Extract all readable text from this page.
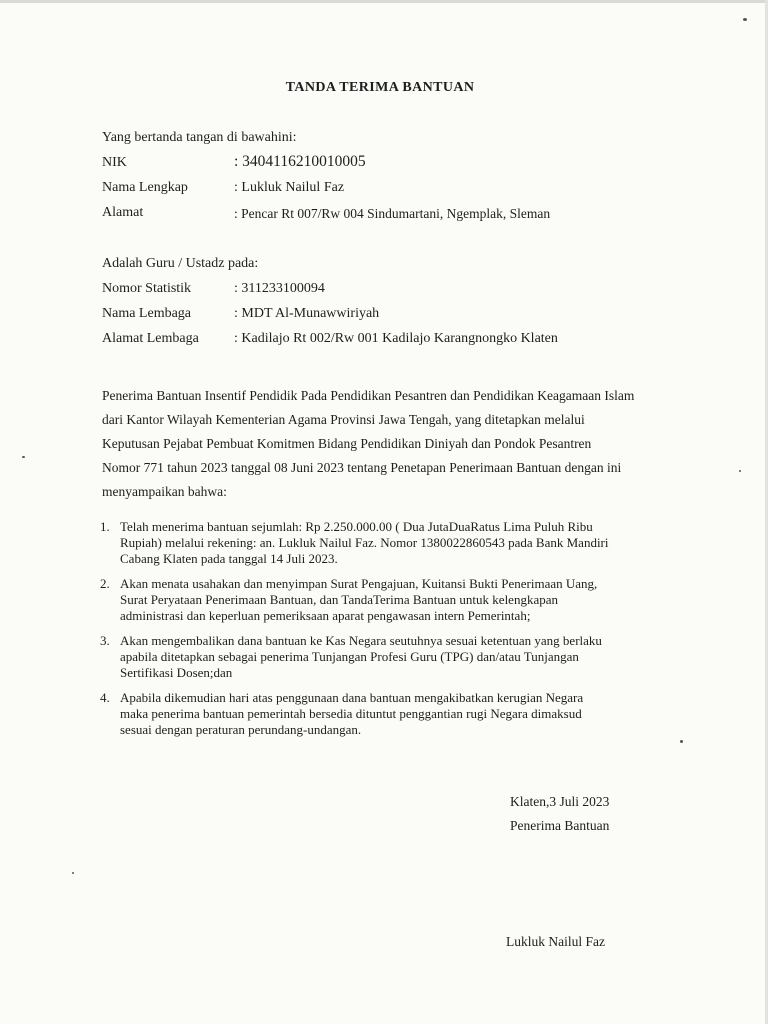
TANDA TERIMA BANTUAN
Yang bertanda tangan di bawahini:
NIK	: 3404116210010005
Nama Lengkap	: Lukluk Nailul Faz
Alamat	: Pencar Rt 007/Rw 004 Sindumartani, Ngemplak, Sleman
Adalah Guru / Ustadz pada:
Nomor Statistik	: 311233100094
Nama Lembaga	: MDT Al-Munawwiriyah
Alamat Lembaga	: Kadilajo Rt 002/Rw 001 Kadilajo Karangnongko Klaten
Penerima Bantuan Insentif Pendidik Pada Pendidikan Pesantren dan Pendidikan Keagamaan Islam
dari Kantor Wilayah Kementerian Agama Provinsi Jawa Tengah, yang ditetapkan melalui
Keputusan Pejabat Pembuat Komitmen Bidang Pendidikan Diniyah dan Pondok Pesantren
Nomor 771 tahun 2023 tanggal 08 Juni 2023 tentang Penetapan Penerimaan Bantuan dengan ini
menyampaikan bahwa:
1. Telah menerima bantuan sejumlah: Rp 2.250.000.00 ( Dua JutaDuaRatus Lima Puluh Ribu
Rupiah) melalui rekening: an. Lukluk Nailul Faz. Nomor 1380022860543 pada Bank Mandiri
Cabang Klaten pada tanggal 14 Juli 2023.
2. Akan menata usahakan dan menyimpan Surat Pengajuan, Kuitansi Bukti Penerimaan Uang,
Surat Peryataan Penerimaan Bantuan, dan TandaTerima Bantuan untuk kelengkapan
administrasi dan keperluan pemeriksaan aparat pengawasan intern Pemerintah;
3. Akan mengembalikan dana bantuan ke Kas Negara seutuhnya sesuai ketentuan yang berlaku
apabila ditetapkan sebagai penerima Tunjangan Profesi Guru (TPG) dan/atau Tunjangan
Sertifikasi Dosen;dan
4. Apabila dikemudian hari atas penggunaan dana bantuan mengakibatkan kerugian Negara
maka penerima bantuan pemerintah bersedia dituntut penggantian rugi Negara dimaksud
sesuai dengan peraturan perundang-undangan.
Klaten,3 Juli 2023
Penerima Bantuan
Lukluk Nailul Faz
